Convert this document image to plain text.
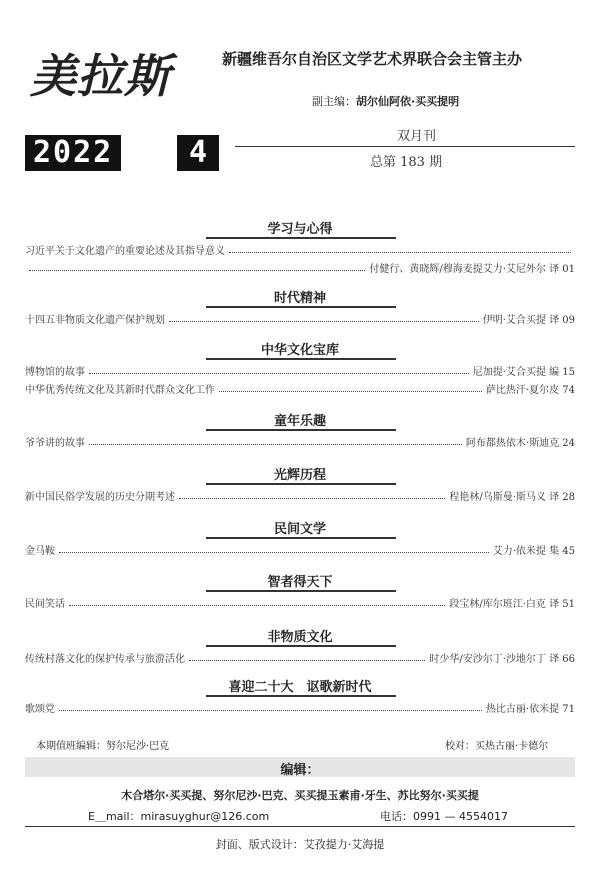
美拉斯	新疆维吾尔自治区文学艺术界联合会主管主办
副主编：胡尔仙阿依·买买提明
2022	4	双月刊
总第 183 期
学习与心得
习近平关于文化遗产的重要论述及其指导意义
付健行、黄晓辉/穆海麦提艾力·艾尼外尔 译 01
时代精神
十四五非物质文化遗产保护规划	伊明·艾合买提 译 09
中华文化宝库
博物馆的故事	尼加提·艾合买提 编 15
中华优秀传统文化及其新时代群众文化工作	萨比热汗·夏尔皮 74
童年乐趣
爷爷讲的故事	阿布都热依木·斯迪克 24
光辉历程
新中国民俗学发展的历史分期考述	程艳林/乌斯曼·斯马义 译 28
民间文学
金马鞍	艾力·依米提 集 45
智者得天下
民间笑话	段宝林/库尔班江·白克 译 51
非物质文化
传统村落文化的保护传承与旅游活化	时少华/安沙尔丁·沙地尔丁 译 66
喜迎二十大　讴歌新时代
歌颂党	热比古丽·依米提 71
本期值班编辑：努尔尼沙·巴克	校对：买热古丽·卡德尔
编辑：
木合塔尔·买买提、努尔尼沙·巴克、买买提玉素甫·牙生、苏比努尔·买买提
E＿mail：mirasuyghur@126.com	电话：0991 — 4554017
封面、版式设计：艾孜提力·艾海提
